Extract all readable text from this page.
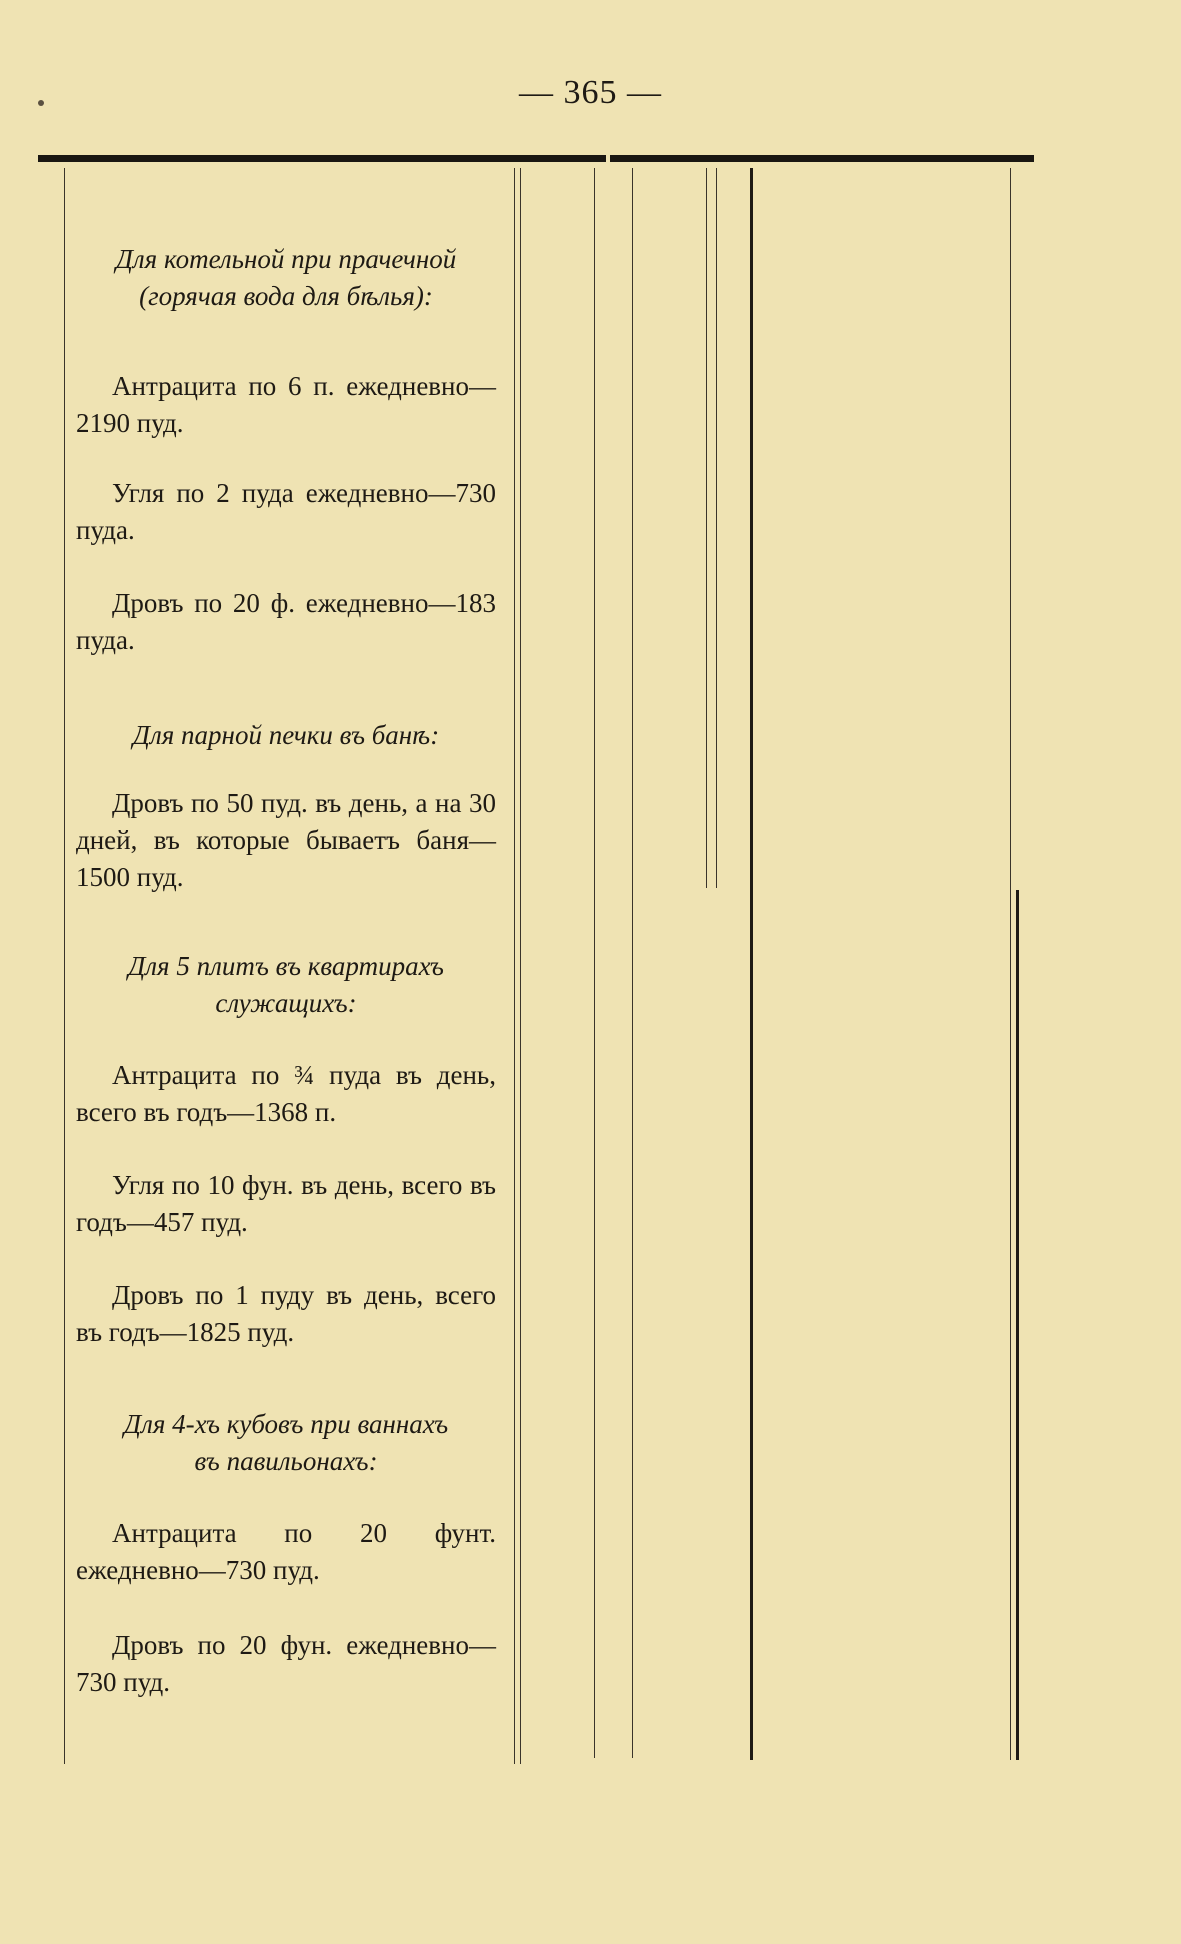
— 365 —
Для котельной при прачечной
(горячая вода для бѣлья):
Антрацита по 6 п. ежедневно—2190 пуд.
Угля по 2 пуда ежедневно—730 пуда.
Дровъ по 20 ф. ежедневно—183 пуда.
Для парной печки въ банѣ:
Дровъ по 50 пуд. въ день, а на 30 дней, въ которые бываетъ баня—1500 пуд.
Для 5 плитъ въ квартирахъ
служащихъ:
Антрацита по ¾ пуда въ день, всего въ годъ—1368 п.
Угля по 10 фун. въ день, всего въ годъ—457 пуд.
Дровъ по 1 пуду въ день, всего въ годъ—1825 пуд.
Для 4-хъ кубовъ при ваннахъ
въ павильонахъ:
Антрацита по 20 фунт. ежедневно—730 пуд.
Дровъ по 20 фун. ежедневно—730 пуд.
